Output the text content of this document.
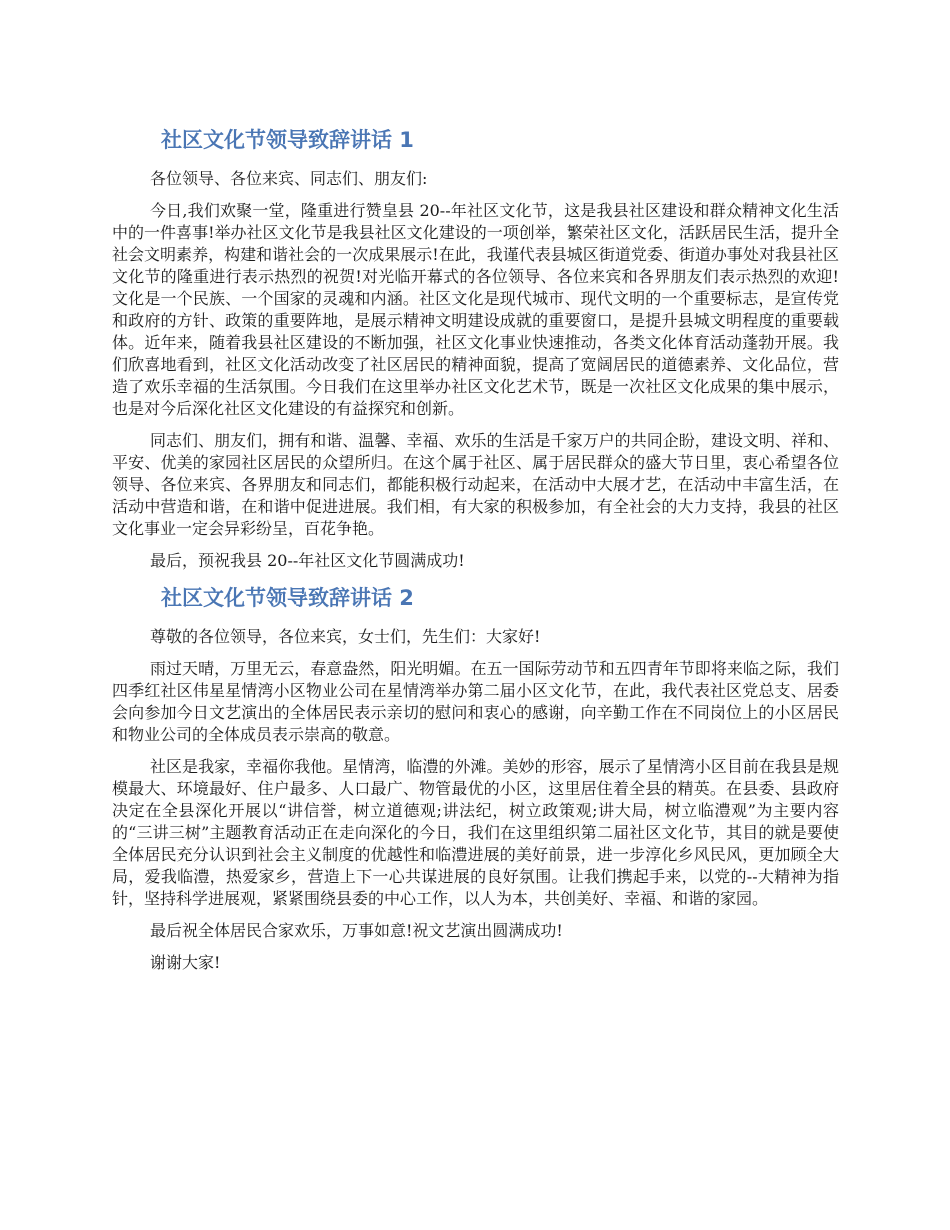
社区文化节领导致辞讲话 1

各位领导、各位来宾、同志们、朋友们:

今日,我们欢聚一堂，隆重进行赞皇县 20--年社区文化节，这是我县社区建设和群众精神文化生活中的一件喜事!举办社区文化节是我县社区文化建设的一项创举，繁荣社区文化，活跃居民生活，提升全社会文明素养，构建和谐社会的一次成果展示!在此，我谨代表县城区街道党委、街道办事处对我县社区文化节的隆重进行表示热烈的祝贺!对光临开幕式的各位领导、各位来宾和各界朋友们表示热烈的欢迎! 文化是一个民族、一个国家的灵魂和内涵。社区文化是现代城市、现代文明的一个重要标志，是宣传党和政府的方针、政策的重要阵地，是展示精神文明建设成就的重要窗口，是提升县城文明程度的重要载体。近年来，随着我县社区建设的不断加强，社区文化事业快速推动，各类文化体育活动蓬勃开展。我们欣喜地看到，社区文化活动改变了社区居民的精神面貌，提高了宽阔居民的道德素养、文化品位，营造了欢乐幸福的生活氛围。今日我们在这里举办社区文化艺术节，既是一次社区文化成果的集中展示，也是对今后深化社区文化建设的有益探究和创新。

同志们、朋友们，拥有和谐、温馨、幸福、欢乐的生活是千家万户的共同企盼，建设文明、祥和、平安、优美的家园社区居民的众望所归。在这个属于社区、属于居民群众的盛大节日里，衷心希望各位领导、各位来宾、各界朋友和同志们，都能积极行动起来，在活动中大展才艺，在活动中丰富生活，在活动中营造和谐，在和谐中促进进展。我们相，有大家的积极参加，有全社会的大力支持，我县的社区文化事业一定会异彩纷呈，百花争艳。

最后，预祝我县 20--年社区文化节圆满成功!

社区文化节领导致辞讲话 2

尊敬的各位领导，各位来宾，女士们，先生们：大家好!

雨过天晴，万里无云，春意盎然，阳光明媚。在五一国际劳动节和五四青年节即将来临之际，我们四季红社区伟星星情湾小区物业公司在星情湾举办第二届小区文化节，在此，我代表社区党总支、居委会向参加今日文艺演出的全体居民表示亲切的慰问和衷心的感谢，向辛勤工作在不同岗位上的小区居民和物业公司的全体成员表示崇高的敬意。

社区是我家，幸福你我他。星情湾，临澧的外滩。美妙的形容，展示了星情湾小区目前在我县是规模最大、环境最好、住户最多、人口最广、物管最优的小区，这里居住着全县的精英。在县委、县政府决定在全县深化开展以“讲信誉，树立道德观;讲法纪，树立政策观;讲大局，树立临澧观”为主要内容的“三讲三树”主题教育活动正在走向深化的今日，我们在这里组织第二届社区文化节，其目的就是要使全体居民充分认识到社会主义制度的优越性和临澧进展的美好前景，进一步淳化乡风民风，更加顾全大局，爱我临澧，热爱家乡，营造上下一心共谋进展的良好氛围。让我们携起手来，以党的--大精神为指针，坚持科学进展观，紧紧围绕县委的中心工作，以人为本，共创美好、幸福、和谐的家园。

最后祝全体居民合家欢乐，万事如意!祝文艺演出圆满成功!

谢谢大家!
